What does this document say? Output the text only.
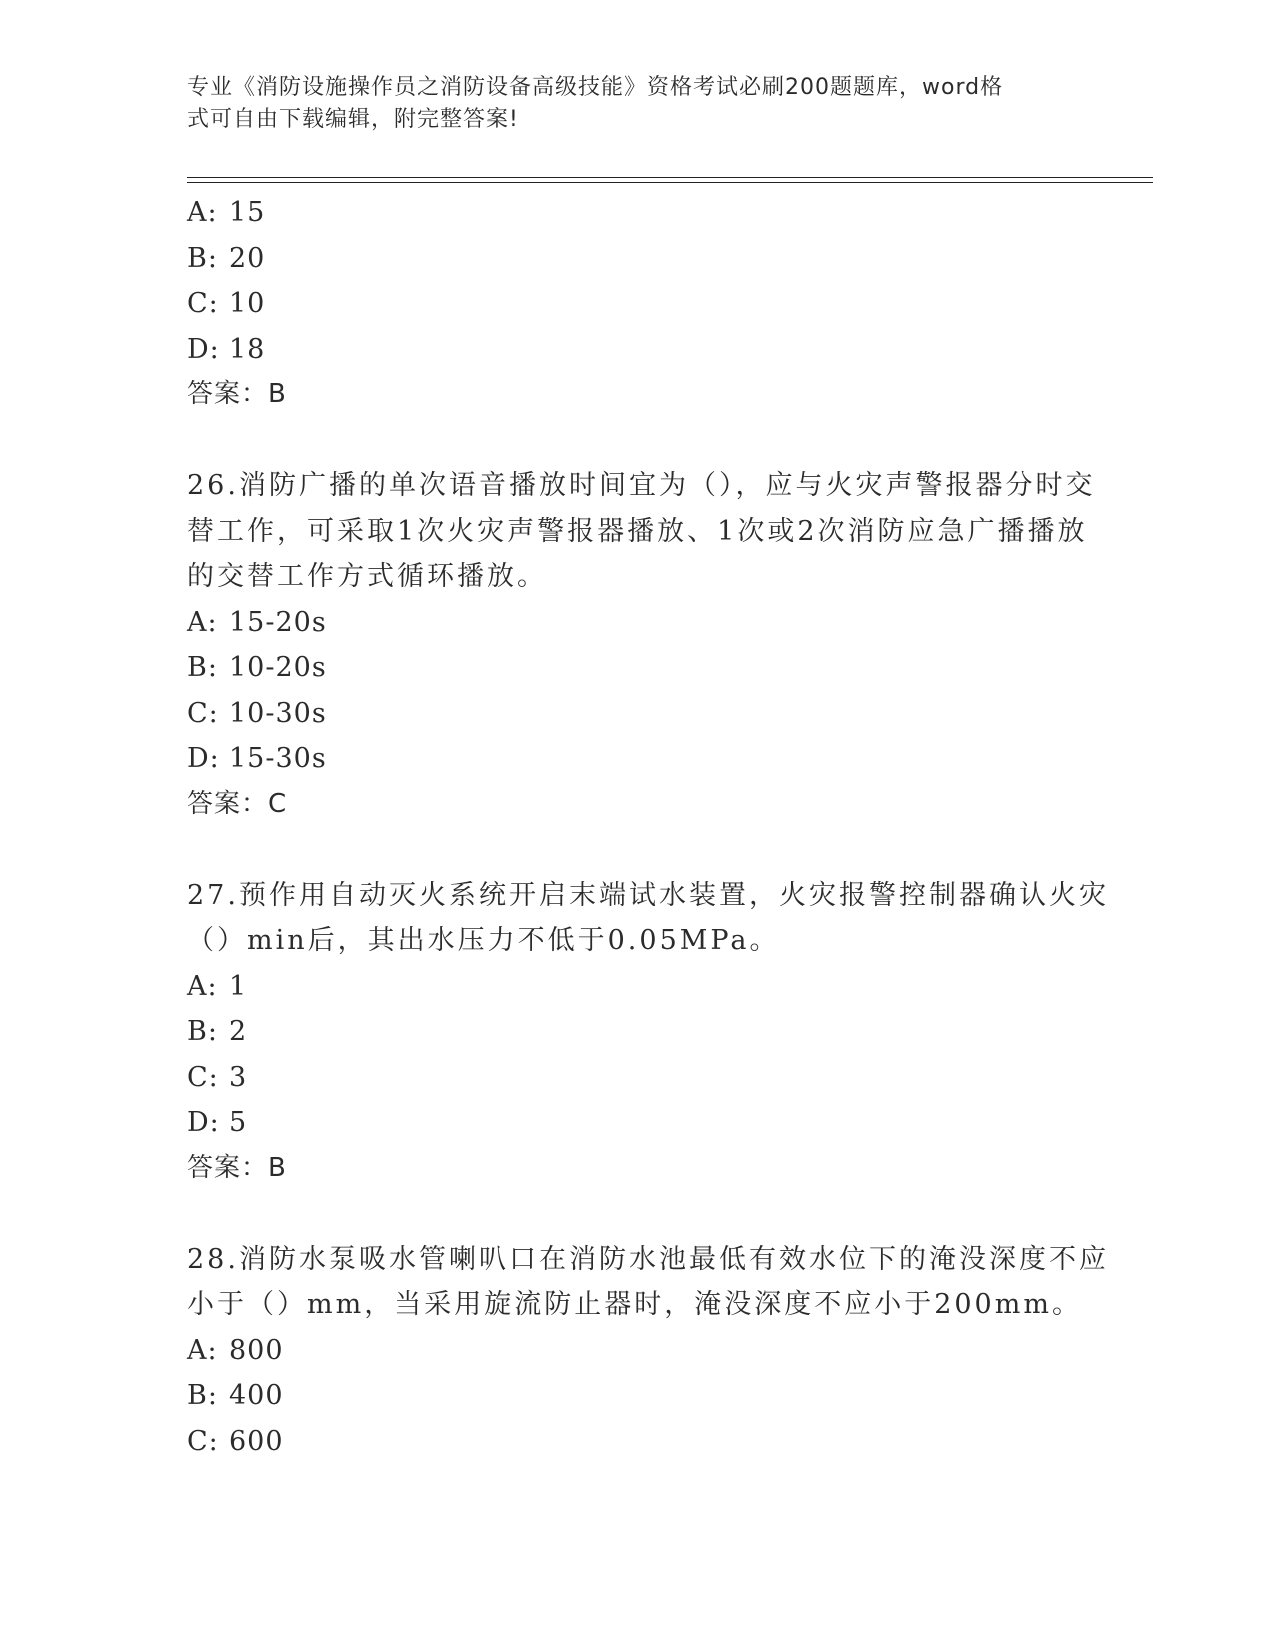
专业《消防设施操作员之消防设备高级技能》资格考试必刷200题题库，word格
式可自由下载编辑，附完整答案!
A: 15
B: 20
C: 10
D: 18
答案：B
26.消防广播的单次语音播放时间宜为（），应与火灾声警报器分时交
替工作，可采取1次火灾声警报器播放、1次或2次消防应急广播播放
的交替工作方式循环播放。
A: 15-20s
B: 10-20s
C: 10-30s
D: 15-30s
答案：C
27.预作用自动灭火系统开启末端试水装置，火灾报警控制器确认火灾
（）min后，其出水压力不低于0.05MPa。
A: 1
B: 2
C: 3
D: 5
答案：B
28.消防水泵吸水管喇叭口在消防水池最低有效水位下的淹没深度不应
小于（）mm，当采用旋流防止器时，淹没深度不应小于200mm。
A: 800
B: 400
C: 600
